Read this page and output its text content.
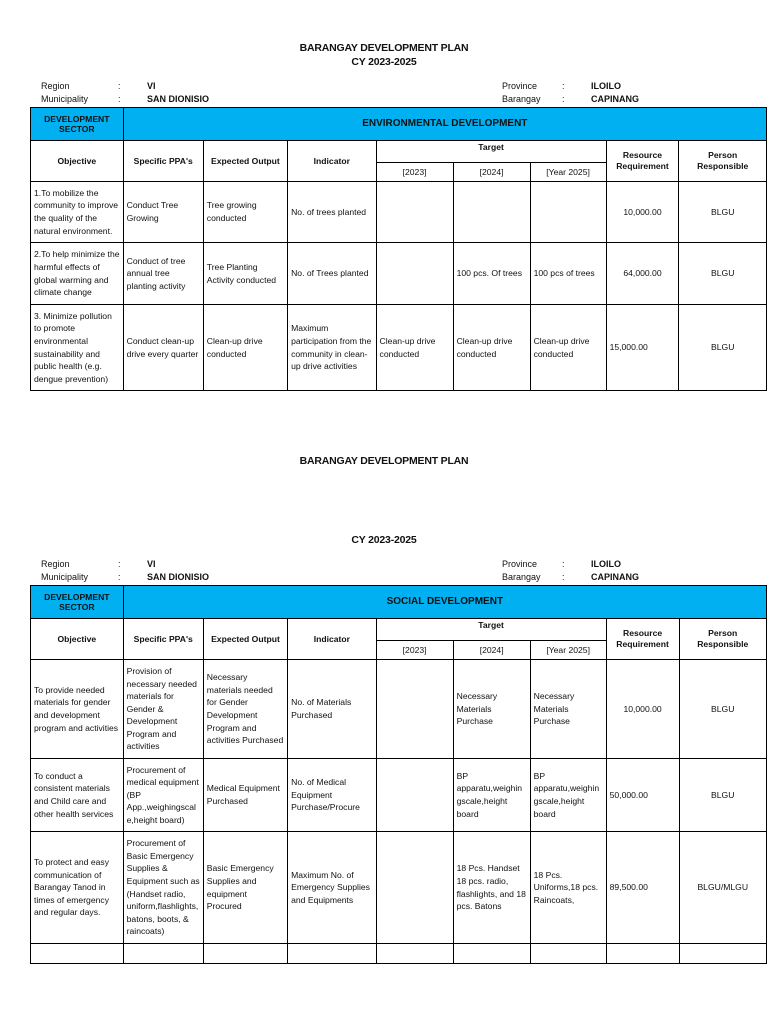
BARANGAY DEVELOPMENT PLAN
CY 2023-2025
Region	:	VI
Municipality	:	SAN DIONISIO
Province	:	ILOILO
Barangay :	CAPINANG
DEVELOPMENT SECTOR	ENVIRONMENTAL DEVELOPMENT							
Objective	Specific PPA's	Expected Output	Indicator	Target			Resource Requirement	Person Responsible
				[2023]	[2024]	[Year 2025]		
1.To mobilize the community to improve the quality of the natural environment.	Conduct Tree Growing	Tree growing conducted	No. of trees planted				10,000.00	BLGU
2.To help minimize the harmful effects of global warming and climate change	Conduct of tree annual tree planting activity	Tree Planting Activity conducted	No. of Trees planted		100 pcs. Of trees	100 pcs of trees	64,000.00	BLGU
3. Minimize pollution to promote environmental sustainability and public health (e.g. dengue prevention)	Conduct clean-up drive every quarter	Clean-up drive conducted	Maximum participation from the community in clean-up drive activities	Clean-up drive conducted	Clean-up drive conducted	Clean-up drive conducted	15,000.00	BLGU
BARANGAY DEVELOPMENT PLAN
CY 2023-2025
Region	:	VI
Municipality	:	SAN DIONISIO
Province	:	ILOILO
Barangay :	CAPINANG
DEVELOPMENT SECTOR	SOCIAL DEVELOPMENT							
Objective	Specific PPA's	Expected Output	Indicator	Target			Resource Requirement	Person Responsible
				[2023]	[2024]	[Year 2025]		
To provide needed materials for gender and development program and activities	Provision of necessary needed materials for Gender & Development Program and activities	Necessary materials needed for Gender Development Program and activities Purchased	No. of Materials Purchased		Necessary Materials Purchase	Necessary Materials Purchase	10,000.00	BLGU
To conduct a consistent materials and Child care and other health services	Procurement of medical equipment (BP App.,weighingscale,height board)	Medical Equipment Purchased	No. of Medical Equipment Purchase/Procure		BP apparatu,weighingscale,height board	BP apparatu,weighingscale,height board	50,000.00	BLGU
To protect and easy communication of Barangay Tanod in times of emergency and regular days.	Procurement of Basic Emergency Supplies & Equipment such as (Handset radio, uniform,flashlights, batons, boots, & raincoats)	Basic Emergency Supplies and equipment Procured	Maximum No. of Emergency Supplies and Equipments		18 Pcs. Handset 18 pcs. radio, flashlights, and 18 pcs. Batons	18 Pcs. Uniforms,18 pcs. Raincoats,	89,500.00	BLGU/MLGU
